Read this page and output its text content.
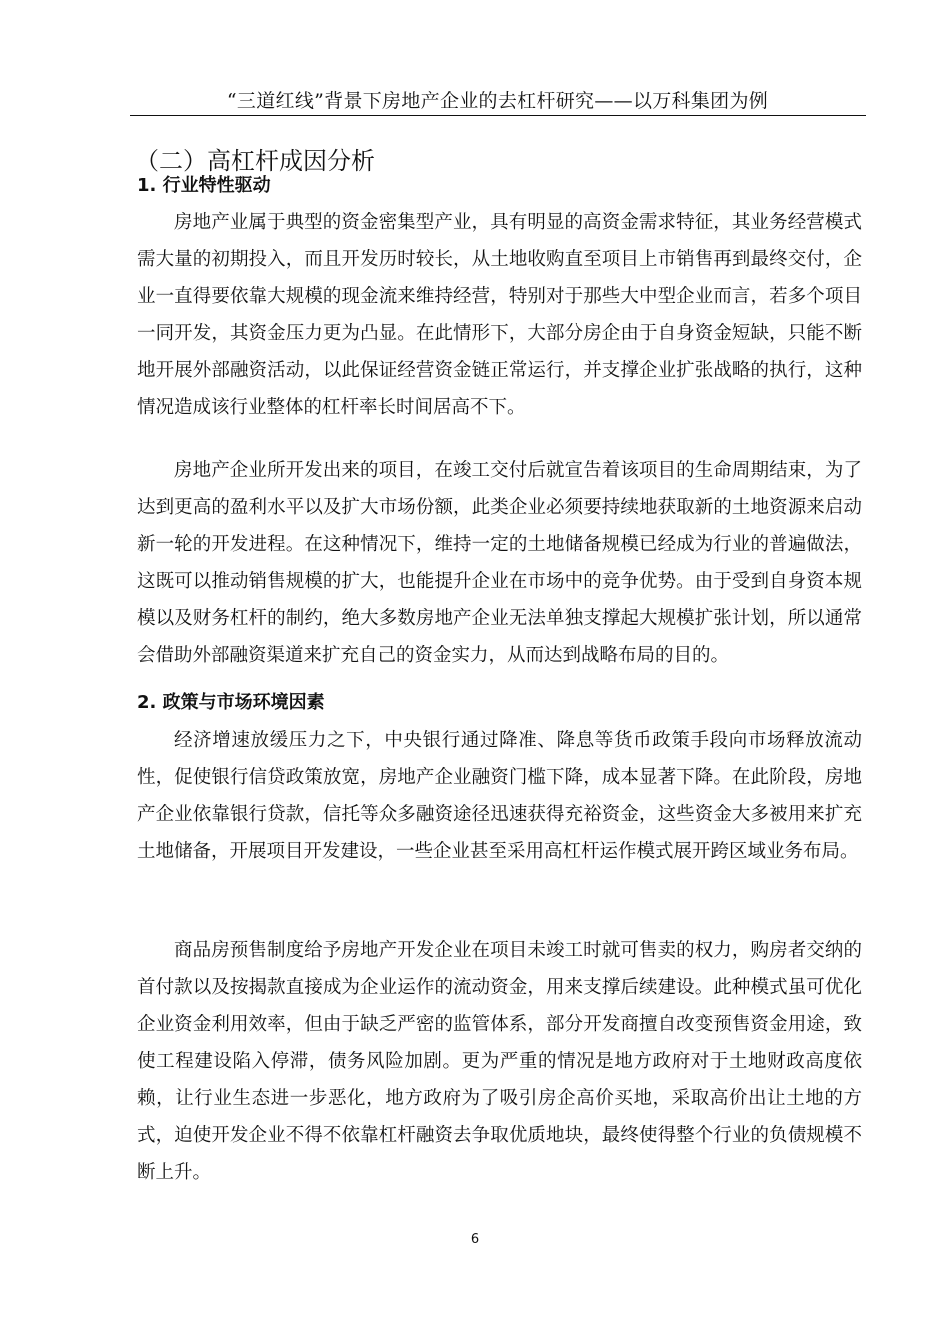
“三道红线”背景下房地产企业的去杠杆研究——以万科集团为例
（二）高杠杆成因分析
1. 行业特性驱动

房地产业属于典型的资金密集型产业，具有明显的高资金需求特征，其业务经营模式需大量的初期投入，而且开发历时较长，从土地收购直至项目上市销售再到最终交付，企业一直得要依靠大规模的现金流来维持经营，特别对于那些大中型企业而言，若多个项目一同开发，其资金压力更为凸显。在此情形下，大部分房企由于自身资金短缺，只能不断地开展外部融资活动，以此保证经营资金链正常运行，并支撑企业扩张战略的执行，这种情况造成该行业整体的杠杆率长时间居高不下。

房地产企业所开发出来的项目，在竣工交付后就宣告着该项目的生命周期结束，为了达到更高的盈利水平以及扩大市场份额，此类企业必须要持续地获取新的土地资源来启动新一轮的开发进程。在这种情况下，维持一定的土地储备规模已经成为行业的普遍做法，这既可以推动销售规模的扩大，也能提升企业在市场中的竞争优势。由于受到自身资本规模以及财务杠杆的制约，绝大多数房地产企业无法单独支撑起大规模扩张计划，所以通常会借助外部融资渠道来扩充自己的资金实力，从而达到战略布局的目的。

2. 政策与市场环境因素

经济增速放缓压力之下，中央银行通过降准、降息等货币政策手段向市场释放流动性，促使银行信贷政策放宽，房地产企业融资门槛下降，成本显著下降。在此阶段，房地产企业依靠银行贷款，信托等众多融资途径迅速获得充裕资金，这些资金大多被用来扩充土地储备，开展项目开发建设，一些企业甚至采用高杠杆运作模式展开跨区域业务布局。

商品房预售制度给予房地产开发企业在项目未竣工时就可售卖的权力，购房者交纳的首付款以及按揭款直接成为企业运作的流动资金，用来支撑后续建设。此种模式虽可优化企业资金利用效率，但由于缺乏严密的监管体系，部分开发商擅自改变预售资金用途，致使工程建设陷入停滞，债务风险加剧。更为严重的情况是地方政府对于土地财政高度依赖，让行业生态进一步恶化，地方政府为了吸引房企高价买地，采取高价出让土地的方式，迫使开发企业不得不依靠杠杆融资去争取优质地块，最终使得整个行业的负债规模不断上升。

6
